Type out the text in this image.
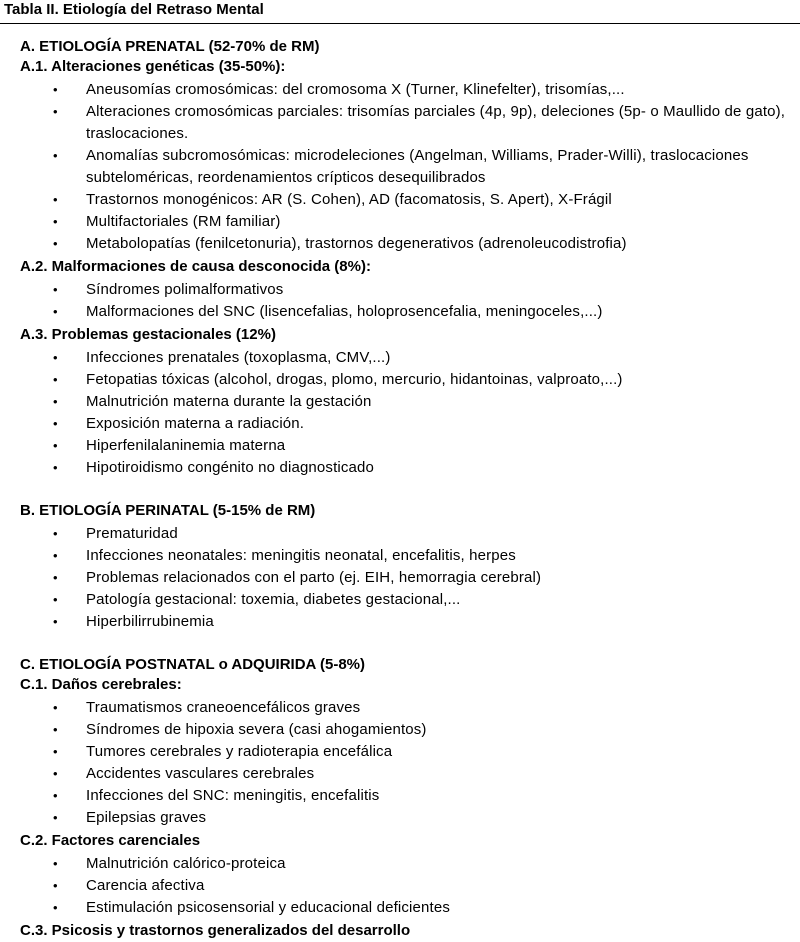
Tabla II. Etiología del Retraso Mental
A. ETIOLOGÍA PRENATAL (52-70% de RM)
A.1. Alteraciones genéticas (35-50%):
• Aneusomías cromosómicas: del cromosoma X (Turner, Klinefelter), trisomías,...
• Alteraciones cromosómicas parciales: trisomías parciales (4p, 9p), deleciones (5p- o Maullido de gato), traslocaciones.
• Anomalías subcromosómicas: microdeleciones (Angelman, Williams, Prader-Willi), traslocaciones subteloméricas, reordenamientos crípticos desequilibrados
• Trastornos monogénicos: AR (S. Cohen), AD (facomatosis, S. Apert), X-Frágil
• Multifactoriales (RM familiar)
• Metabolopatías (fenilcetonuria), trastornos degenerativos (adrenoleucodistrofia)
A.2. Malformaciones de causa desconocida (8%):
• Síndromes polimalformativos
• Malformaciones del SNC (lisencefalias, holoprosencefalia, meningoceles,...)
A.3. Problemas gestacionales (12%)
• Infecciones prenatales (toxoplasma, CMV,...)
• Fetopatias tóxicas (alcohol, drogas, plomo, mercurio, hidantoinas, valproato,...)
• Malnutrición materna durante la gestación
• Exposición materna a radiación.
• Hiperfenilalaninemia materna
• Hipotiroidismo congénito no diagnosticado
B. ETIOLOGÍA PERINATAL (5-15% de RM)
• Prematuridad
• Infecciones neonatales: meningitis neonatal, encefalitis, herpes
• Problemas relacionados con el parto (ej. EIH, hemorragia cerebral)
• Patología gestacional: toxemia, diabetes gestacional,...
• Hiperbilirrubinemia
C. ETIOLOGÍA POSTNATAL o ADQUIRIDA (5-8%)
C.1. Daños cerebrales:
• Traumatismos craneoencefálicos graves
• Síndromes de hipoxia severa (casi ahogamientos)
• Tumores cerebrales y radioterapia encefálica
• Accidentes vasculares cerebrales
• Infecciones del SNC: meningitis, encefalitis
• Epilepsias graves
C.2. Factores carenciales
• Malnutrición calórico-proteica
• Carencia afectiva
• Estimulación psicosensorial y educacional deficientes
C.3. Psicosis y trastornos generalizados del desarrollo
